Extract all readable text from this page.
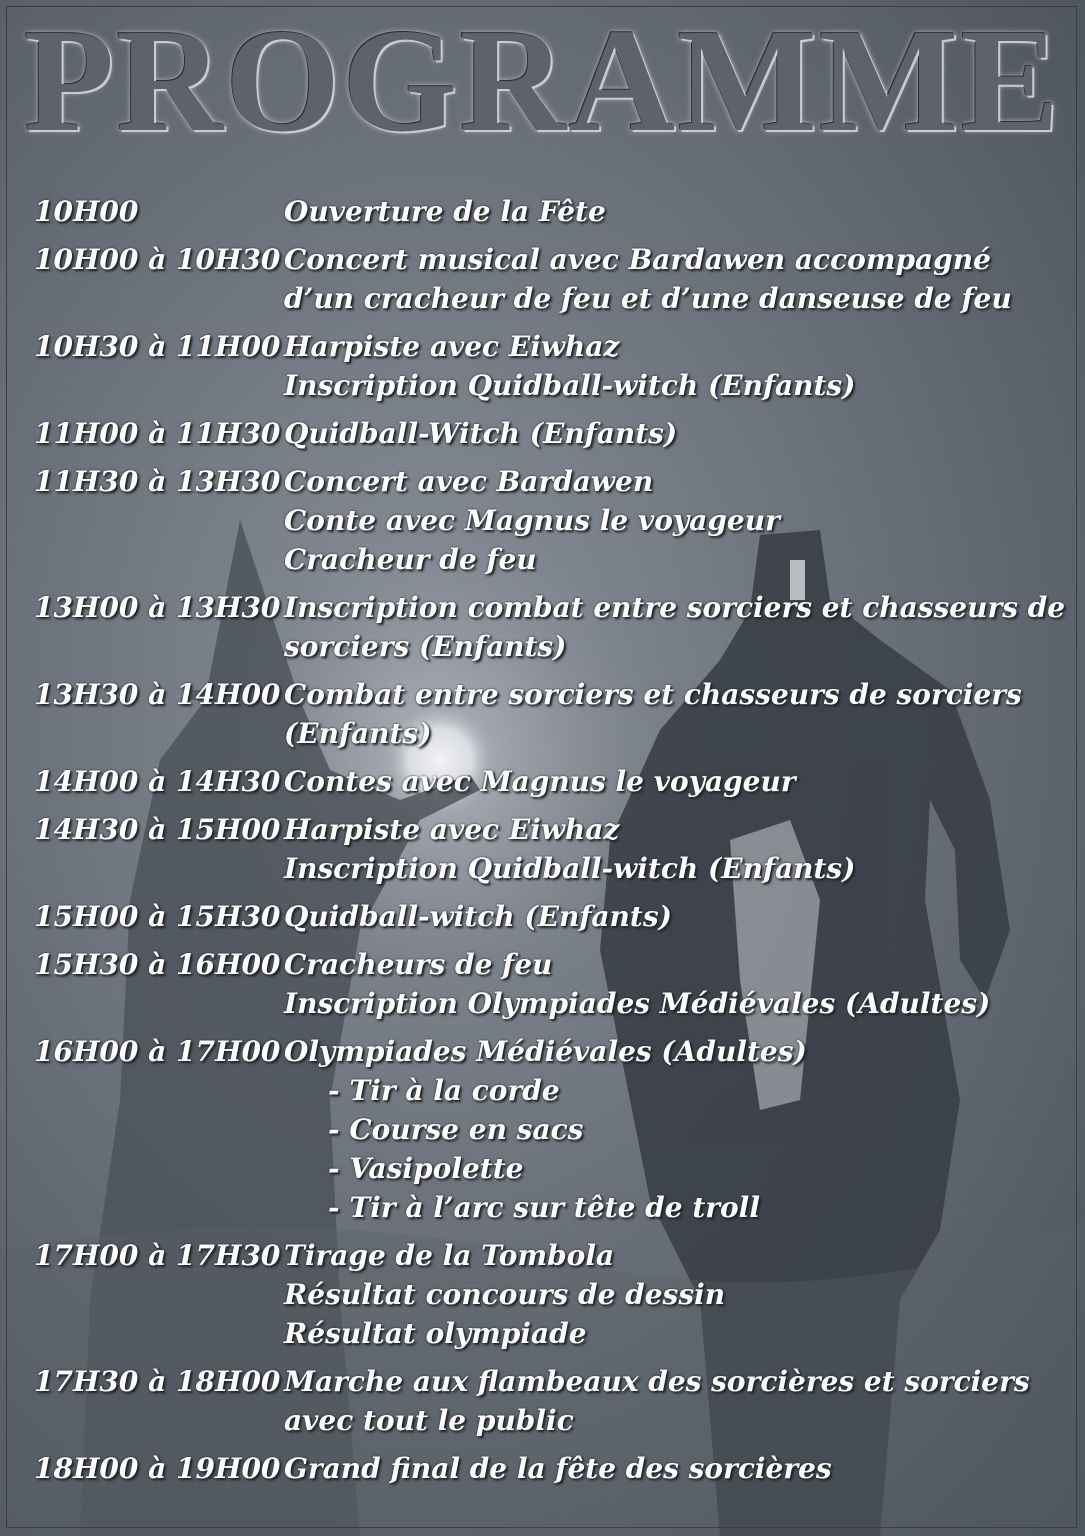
PROGRAMME
10H00	Ouverture de la Fête
10H00 à 10H30 Concert musical avec Bardawen accompagné
d’un cracheur de feu et d’une danseuse de feu
10H30 à 11H00 Harpiste avec Eiwhaz
Inscription Quidball-witch (Enfants)
11H00 à 11H30 Quidball-Witch (Enfants)
11H30 à 13H30 Concert avec Bardawen
Conte avec Magnus le voyageur
Cracheur de feu
13H00 à 13H30 Inscription combat entre sorciers et chasseurs de
sorciers (Enfants)
13H30 à 14H00 Combat entre sorciers et chasseurs de sorciers
(Enfants)
14H00 à 14H30 Contes avec Magnus le voyageur
14H30 à 15H00 Harpiste avec Eiwhaz
Inscription Quidball-witch (Enfants)
15H00 à 15H30 Quidball-witch (Enfants)
15H30 à 16H00 Cracheurs de feu
Inscription Olympiades Médiévales (Adultes)
16H00 à 17H00 Olympiades Médiévales (Adultes)
- Tir à la corde
- Course en sacs
- Vasipolette
- Tir à l’arc sur tête de troll
17H00 à 17H30 Tirage de la Tombola
Résultat concours de dessin
Résultat olympiade
17H30 à 18H00 Marche aux flambeaux des sorcières et sorciers
avec tout le public
18H00 à 19H00 Grand final de la fête des sorcières
